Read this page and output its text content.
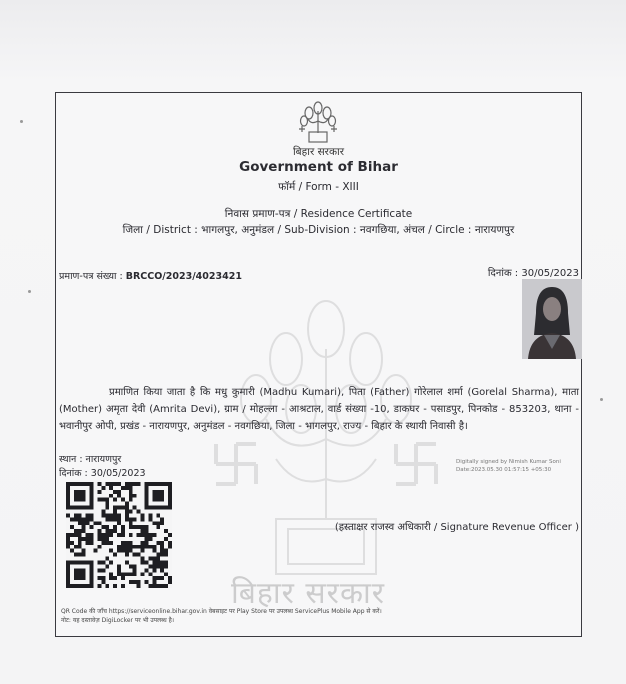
बिहार सरकार
बिहार सरकार
Government of Bihar
फॉर्म / Form - XIII
निवास प्रमाण-पत्र / Residence Certificate
जिला / District : भागलपुर, अनुमंडल / Sub-Division : नवगछिया, अंचल / Circle : नारायणपुर
प्रमाण-पत्र संख्या : BRCCO/2023/4023421	दिनांक : 30/05/2023
प्रमाणित किया जाता है कि मधु कुमारी (Madhu Kumari), पिता (Father) गोरेलाल शर्मा (Gorelal Sharma), माता (Mother) अमृता देवी (Amrita Devi), ग्राम / मोहल्ला - आश्रटाल, वार्ड संख्या -10, डाकघर - पसाडपुर, पिनकोड - 853203, थाना - भवानीपुर ओपी, प्रखंड - नारायणपुर, अनुमंडल - नवगछिया, जिला - भागलपुर, राज्य - बिहार के स्थायी निवासी है।
स्थान : नारायणपुर
दिनांक : 30/05/2023
Digitally signed by Nimish Kumar Soni
Date:2023.05.30 01:57:15 +05:30
(हस्ताक्षर राजस्व अधिकारी / Signature Revenue Officer )
QR Code की जाँच https://serviceonline.bihar.gov.in वेबसाइट पर Play Store पर उपलब्ध ServicePlus Mobile App से करें।
नोट: यह दस्तावेज़ DigiLocker पर भी उपलब्ध है।
